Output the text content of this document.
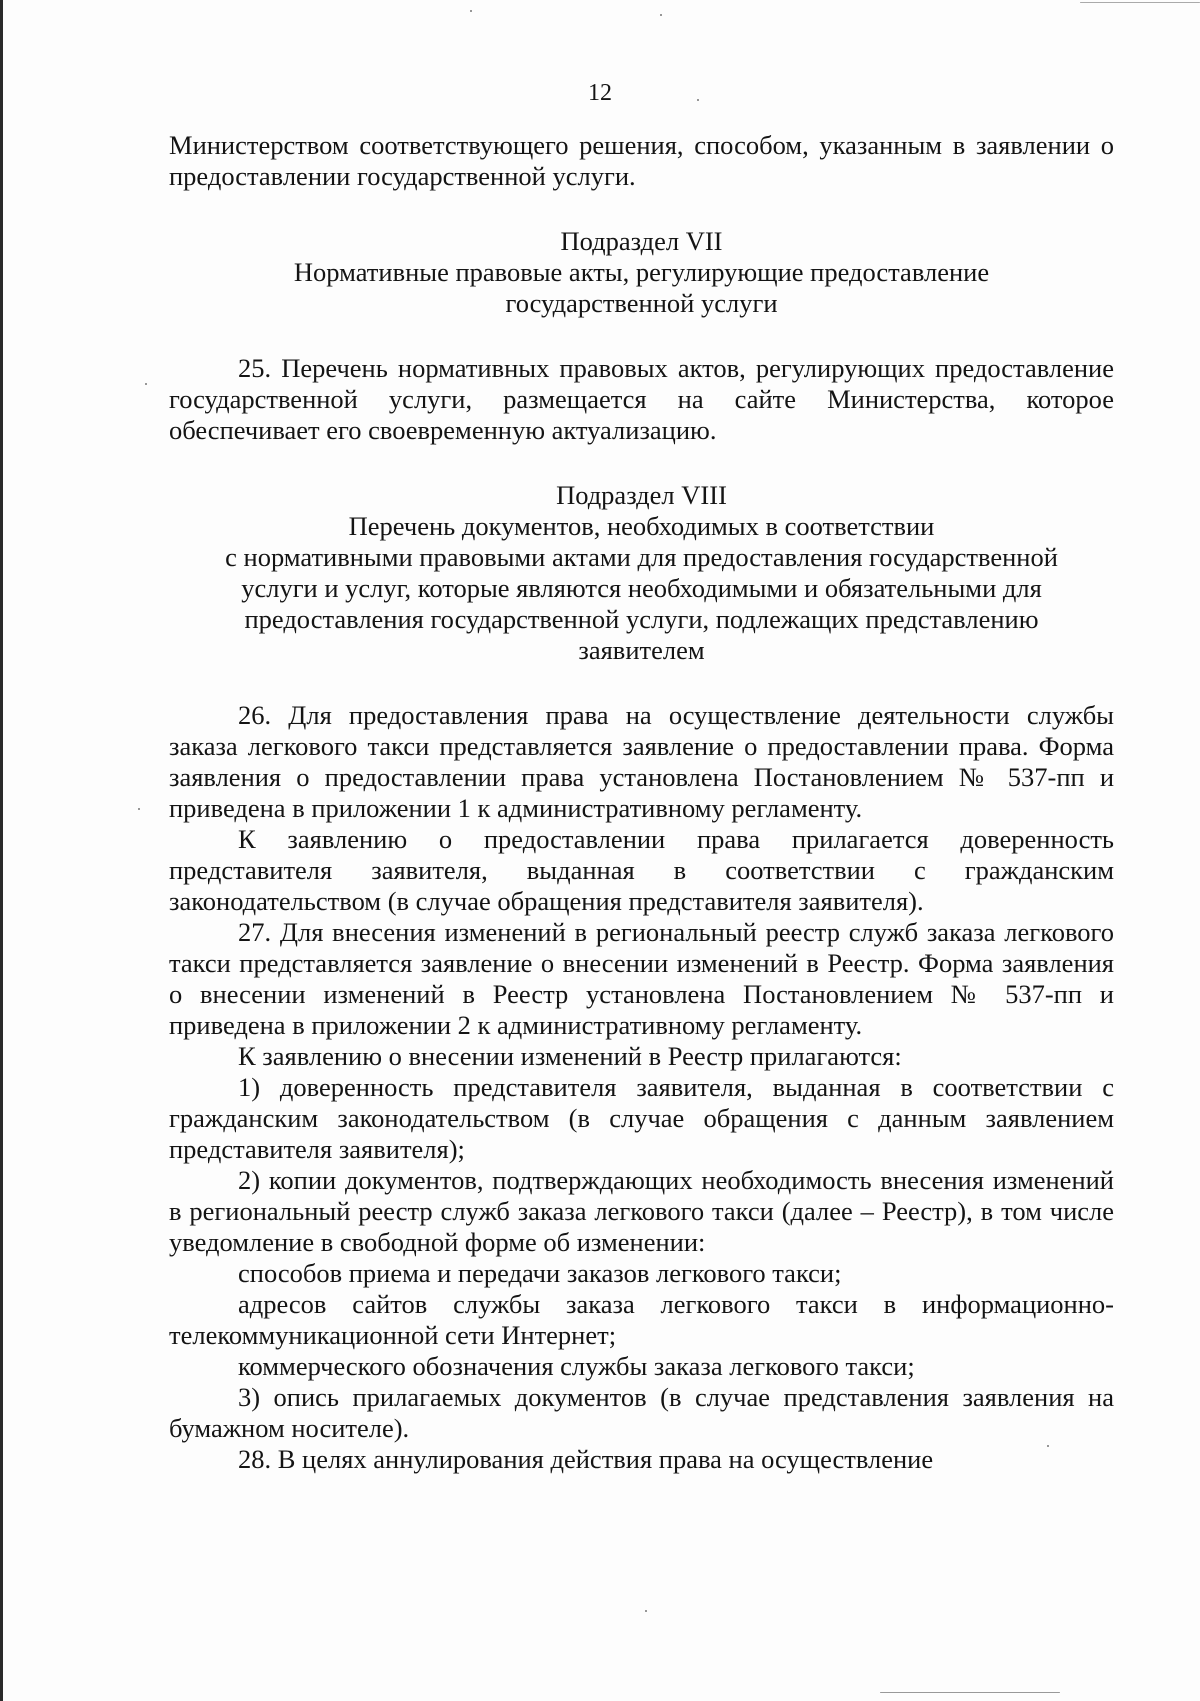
12

Министерством соответствующего решения, способом, указанным в заявлении о предоставлении государственной услуги.

Подраздел VII

Нормативные правовые акты, регулирующие предоставление

государственной услуги

25. Перечень нормативных правовых актов, регулирующих предоставление государственной услуги, размещается на сайте Министерства, которое обеспечивает его своевременную актуализацию.

Подраздел VIII

Перечень документов, необходимых в соответствии

с нормативными правовыми актами для предоставления государственной

услуги и услуг, которые являются необходимыми и обязательными для

предоставления государственной услуги, подлежащих представлению

заявителем

26. Для предоставления права на осуществление деятельности службы заказа легкового такси представляется заявление о предоставлении права. Форма заявления о предоставлении права установлена Постановлением № 537-пп и приведена в приложении 1 к административному регламенту.

К заявлению о предоставлении права прилагается доверенность представителя заявителя, выданная в соответствии с гражданским законодательством (в случае обращения представителя заявителя).

27. Для внесения изменений в региональный реестр служб заказа легкового такси представляется заявление о внесении изменений в Реестр. Форма заявления о внесении изменений в Реестр установлена Постановлением № 537-пп и приведена в приложении 2 к административному регламенту.

К заявлению о внесении изменений в Реестр прилагаются:

1) доверенность представителя заявителя, выданная в соответствии с гражданским законодательством (в случае обращения с данным заявлением представителя заявителя);

2) копии документов, подтверждающих необходимость внесения изменений в региональный реестр служб заказа легкового такси (далее – Реестр), в том числе уведомление в свободной форме об изменении:

способов приема и передачи заказов легкового такси;

адресов сайтов службы заказа легкового такси в информационно-телекоммуникационной сети Интернет;

коммерческого обозначения службы заказа легкового такси;

3) опись прилагаемых документов (в случае представления заявления на бумажном носителе).

28. В целях аннулирования действия права на осуществление
